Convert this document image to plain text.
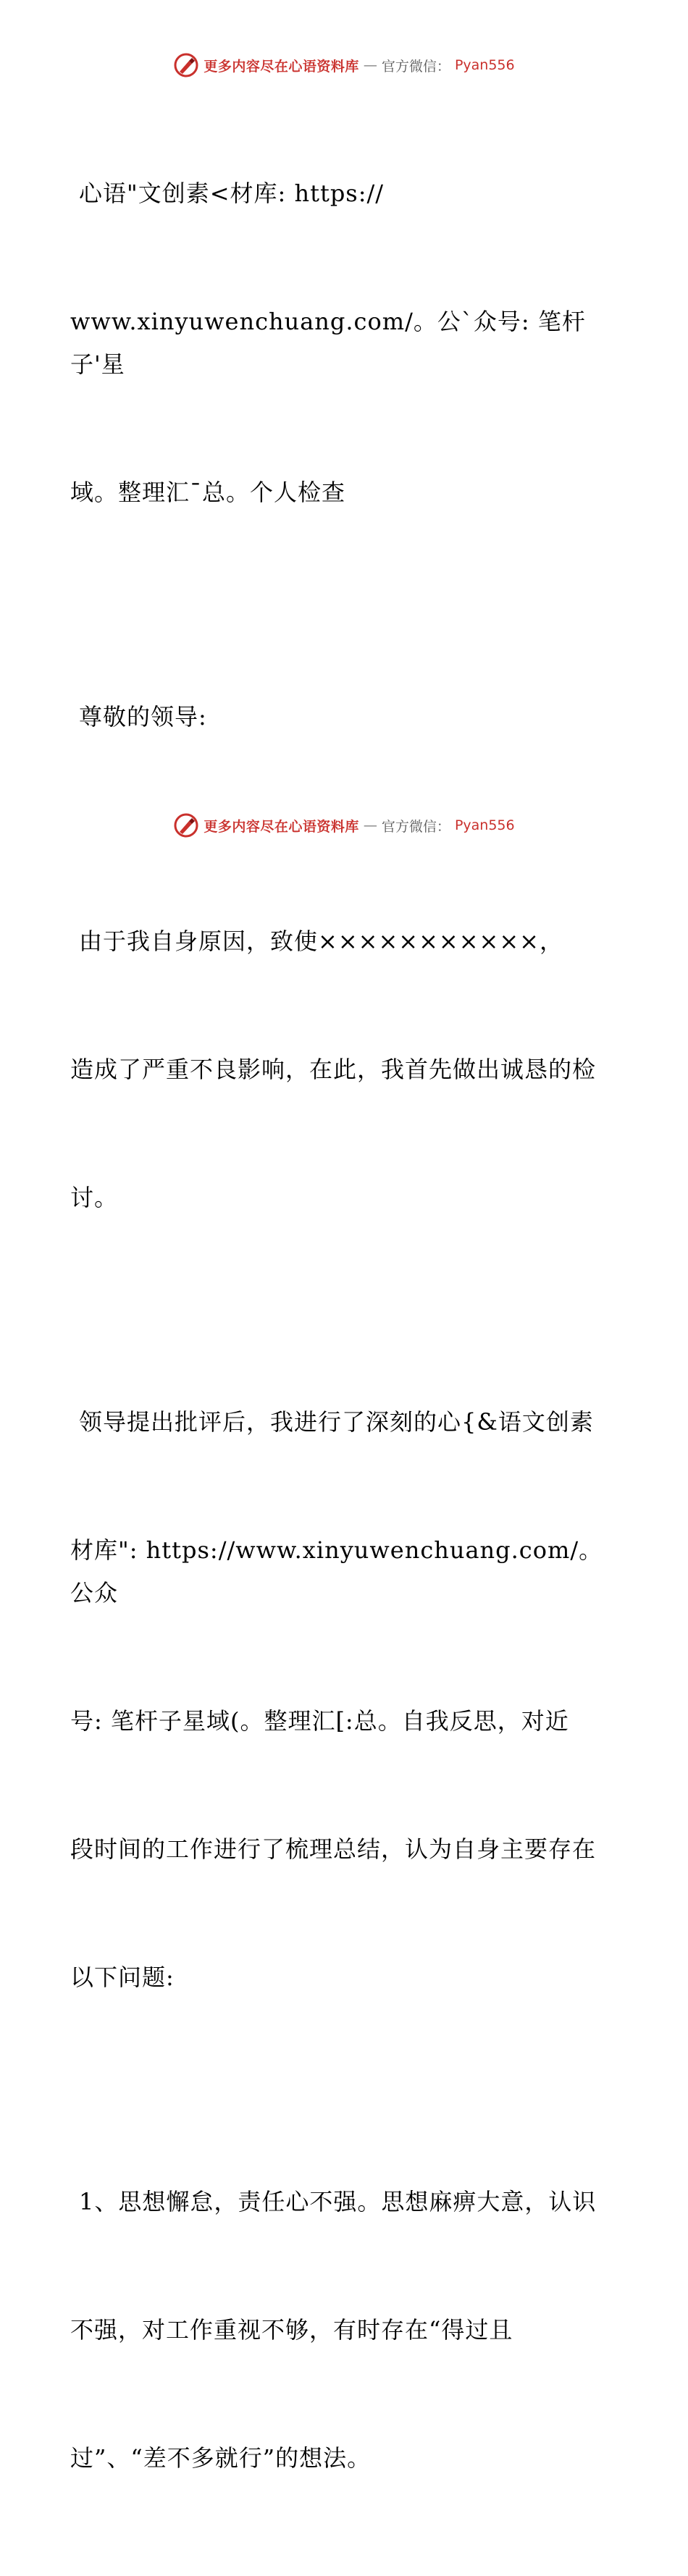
更多内容尽在心语资料库 — 官方微信： Pyan556

心语"文创素<材库: https://

www.xinyuwenchuang.com/。公`众号: 笔杆子'星

域。整理汇¯总。个人检查

尊敬的领导:

由于我自身原因，致使×××××××××××，

造成了严重不良影响，在此，我首先做出诚恳的检

讨。

领导提出批评后，我进行了深刻的心{&语文创素

材库": https://www.xinyuwenchuang.com/。公众

号: 笔杆子星域(。整理汇[:总。自我反思，对近

段时间的工作进行了梳理总结，认为自身主要存在

以下问题:

1、思想懈怠，责任心不强。思想麻痹大意，认识

不强，对工作重视不够，有时存在“得过且

过”、“差不多就行”的想法。

更多内容尽在心语资料库 — 官方微信： Pyan556
